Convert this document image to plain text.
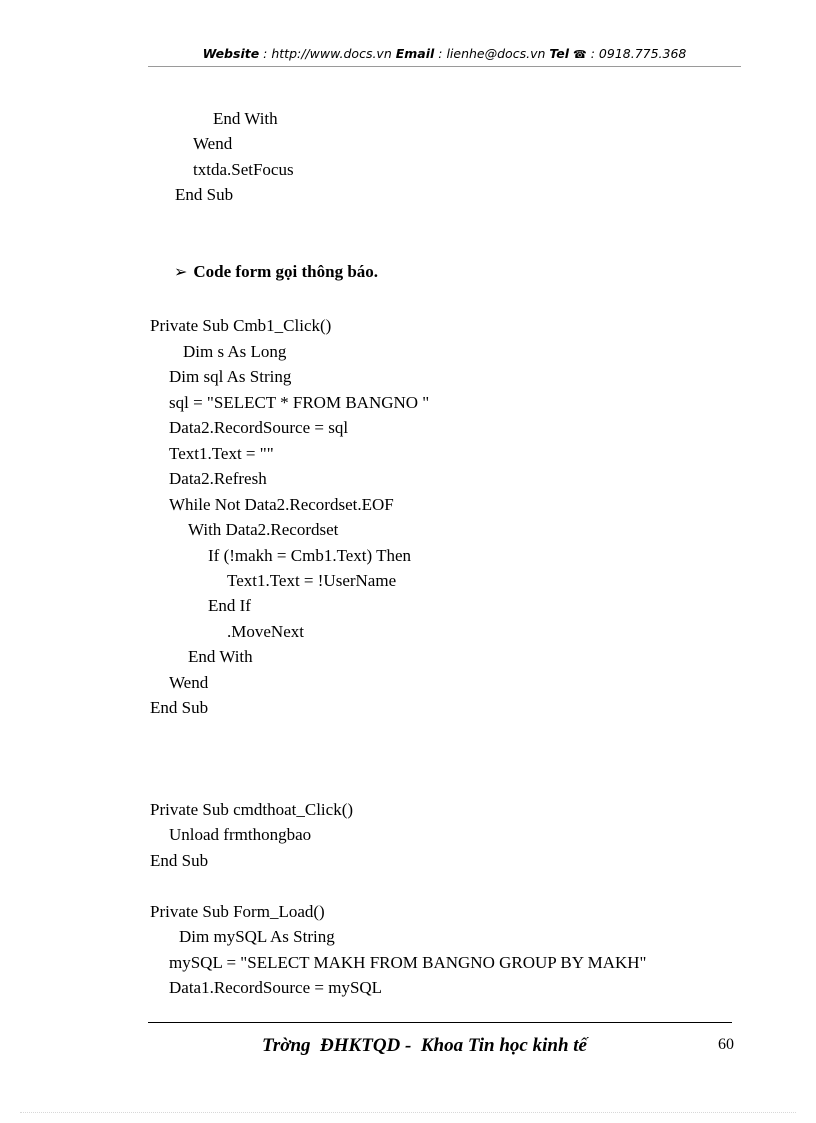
Website : http://www.docs.vn Email : lienhe@docs.vn Tel ☎ : 0918.775.368
End With
Wend
txtda.SetFocus
End Sub
➢ Code form gọi thông báo.
Private Sub Cmb1_Click()
Dim s As Long
Dim sql As String
sql = "SELECT * FROM BANGNO "
Data2.RecordSource = sql
Text1.Text = ""
Data2.Refresh
While Not Data2.Recordset.EOF
With Data2.Recordset
If (!makh = Cmb1.Text) Then
Text1.Text = !UserName
End If
.MoveNext
End With
Wend
End Sub
Private Sub cmdthoat_Click()
Unload frmthongbao
End Sub
Private Sub Form_Load()
Dim mySQL As String
mySQL = "SELECT MAKH FROM BANGNO GROUP BY MAKH"
Data1.RecordSource = mySQL
Trờng  ĐHKTQD -  Khoa Tin học kinh tế	60
